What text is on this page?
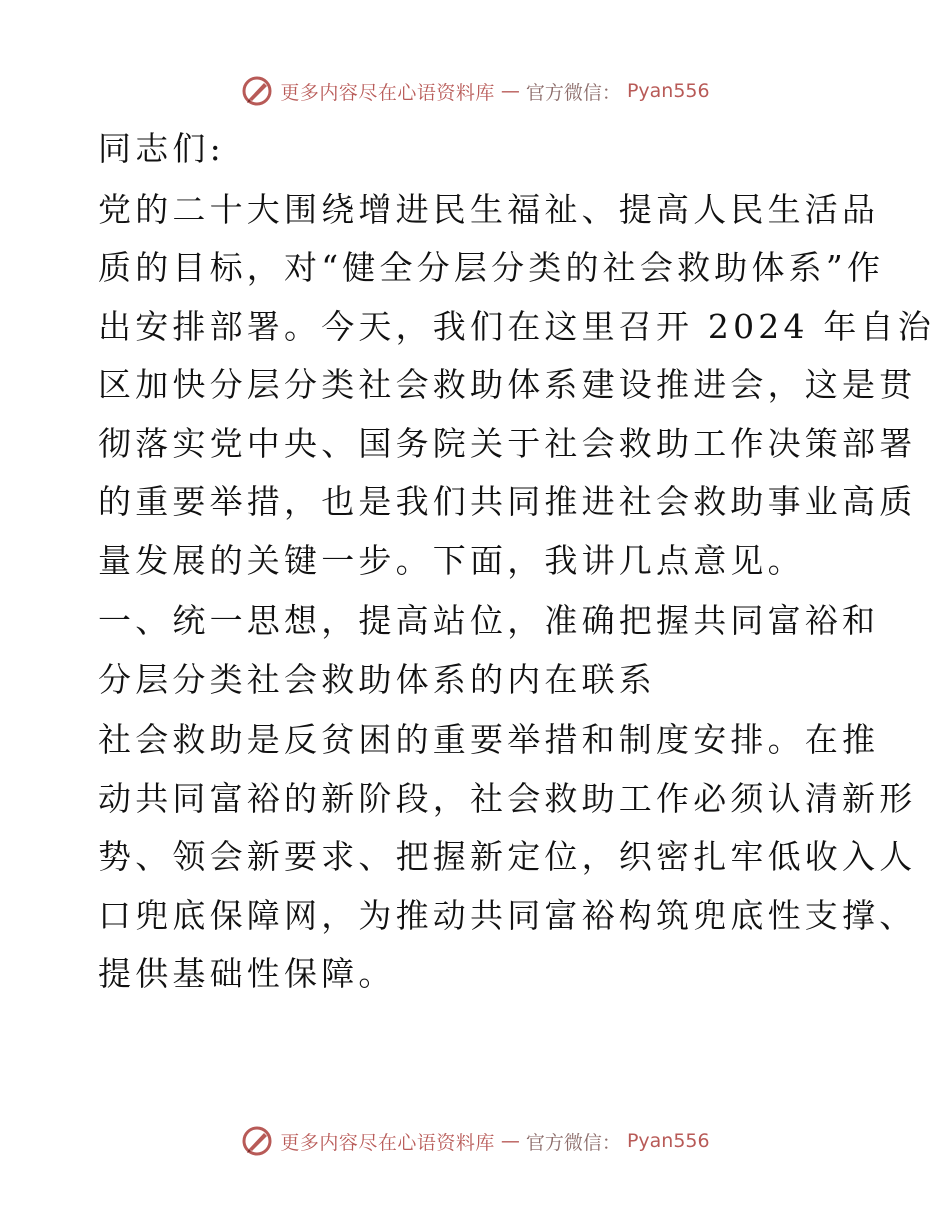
更多内容尽在心语资料库 — 官方微信： Pyan556
同志们:
党的二十大围绕增进民生福祉、提高人民生活品
质的目标，对“健全分层分类的社会救助体系”作
出安排部署。今天，我们在这里召开 2024 年自治
区加快分层分类社会救助体系建设推进会，这是贯
彻落实党中央、国务院关于社会救助工作决策部署
的重要举措，也是我们共同推进社会救助事业高质
量发展的关键一步。下面，我讲几点意见。
一、统一思想，提高站位，准确把握共同富裕和
分层分类社会救助体系的内在联系
社会救助是反贫困的重要举措和制度安排。在推
动共同富裕的新阶段，社会救助工作必须认清新形
势、领会新要求、把握新定位，织密扎牢低收入人
口兜底保障网，为推动共同富裕构筑兜底性支撑、
提供基础性保障。
更多内容尽在心语资料库 — 官方微信： Pyan556
